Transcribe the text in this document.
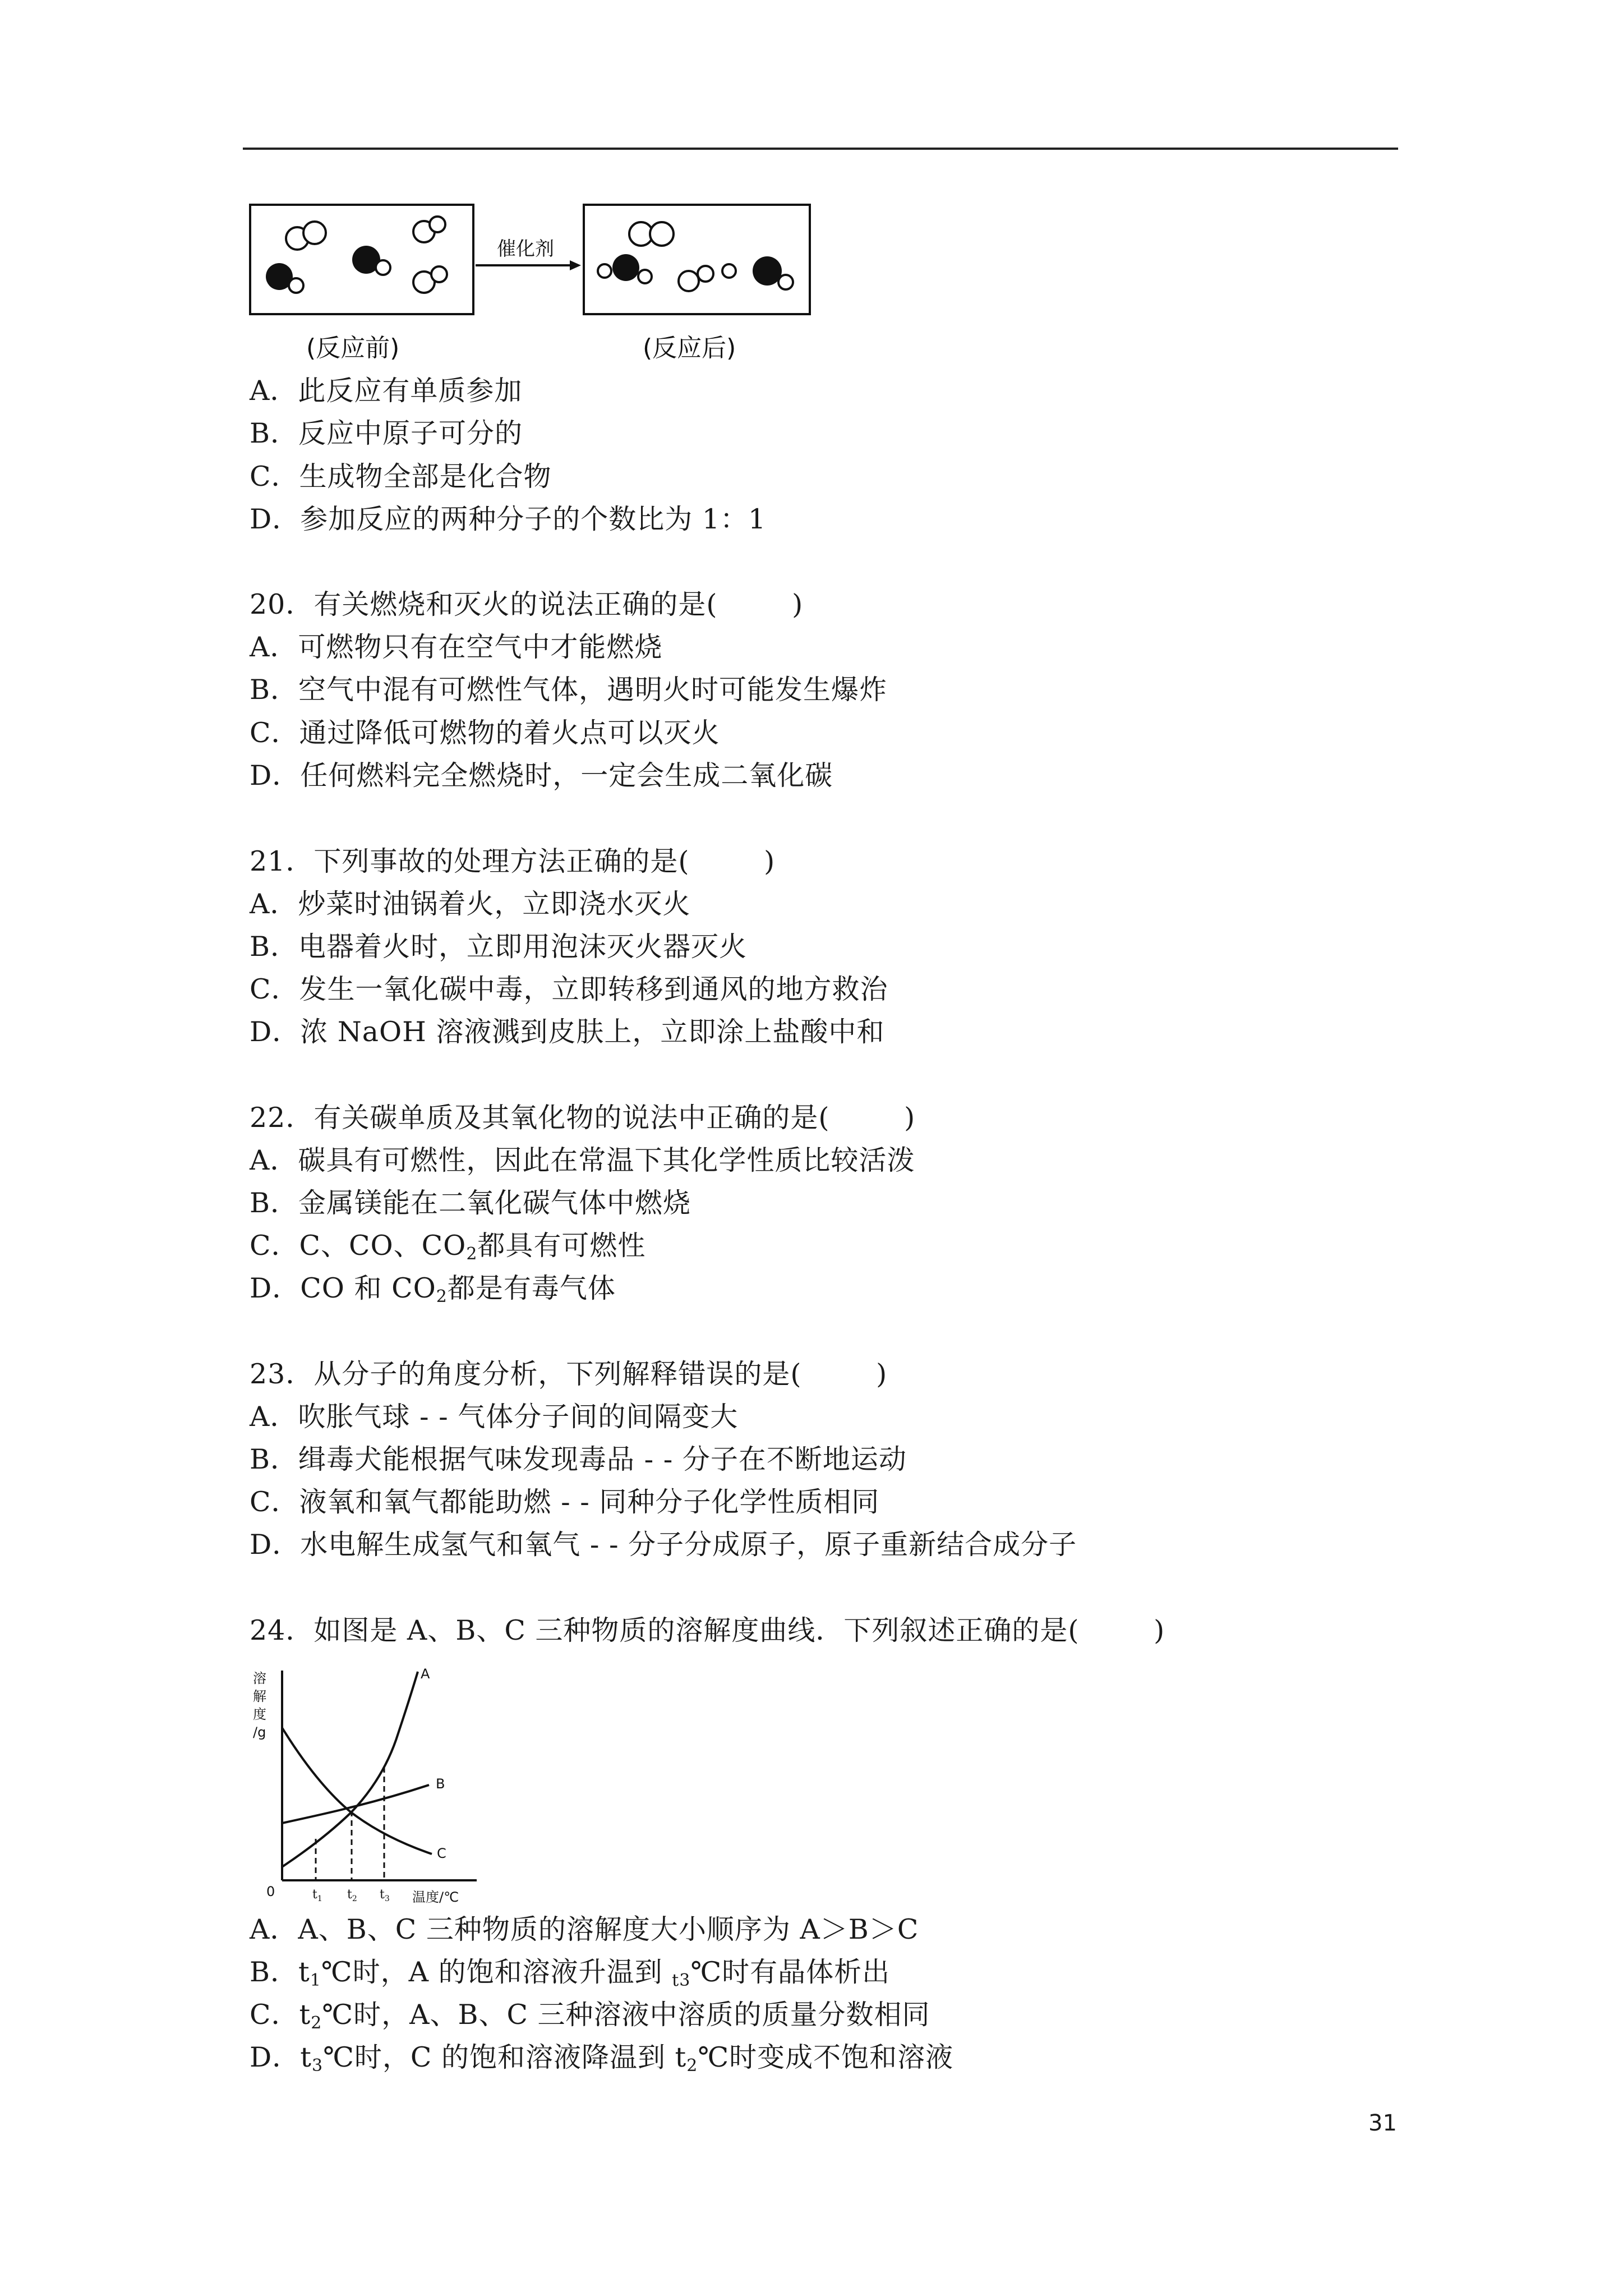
催化剂
(反应前)	(反应后)
A．此反应有单质参加
B．反应中原子可分的
C．生成物全部是化合物
D．参加反应的两种分子的个数比为 1：1
20．有关燃烧和灭火的说法正确的是(        )
A．可燃物只有在空气中才能燃烧
B．空气中混有可燃性气体，遇明火时可能发生爆炸
C．通过降低可燃物的着火点可以灭火
D．任何燃料完全燃烧时，一定会生成二氧化碳
21．下列事故的处理方法正确的是(        )
A．炒菜时油锅着火，立即浇水灭火
B．电器着火时，立即用泡沫灭火器灭火
C．发生一氧化碳中毒，立即转移到通风的地方救治
D．浓 NaOH 溶液溅到皮肤上，立即涂上盐酸中和
22．有关碳单质及其氧化物的说法中正确的是(        )
A．碳具有可燃性，因此在常温下其化学性质比较活泼
B．金属镁能在二氧化碳气体中燃烧
C．C、CO、$CO_2$都具有可燃性
D．CO 和 $CO_2$都是有毒气体
23．从分子的角度分析，下列解释错误的是(        )
A．吹胀气球 - - 气体分子间的间隔变大
B．缉毒犬能根据气味发现毒品 - - 分子在不断地运动
C．液氧和氧气都能助燃 - - 同种分子化学性质相同
D．水电解生成氢气和氧气 - - 分子分成原子，原子重新结合成分子
24．如图是 A、B、C 三种物质的溶解度曲线．下列叙述正确的是(        )
溶
解
度
/g
0	温度/℃
$t_1$ $t_2$ $t_3$
A
B
C
A．A、B、C 三种物质的溶解度大小顺序为 A＞B＞C
B．$t_1℃$时，A 的饱和溶液升温到 $_{t3}$℃时有晶体析出
C．$t_2℃$时，A、B、C 三种溶液中溶质的质量分数相同
D．$t_3℃$时，C 的饱和溶液降温到 $t_2℃$时变成不饱和溶液
31
